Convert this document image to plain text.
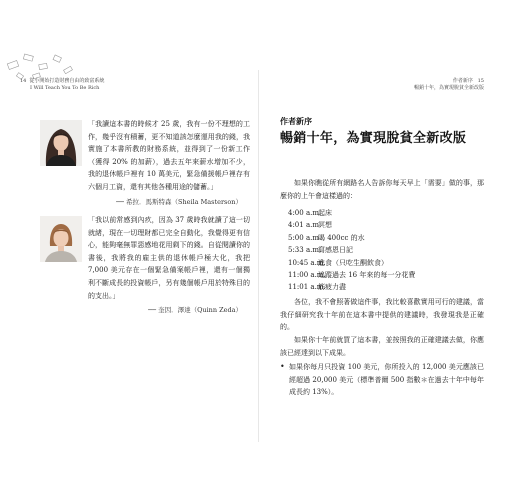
14 從小開始打造財務自由的致富系統
I Will Teach You To Be Rich
作者新序 15
暢銷十年，為實現脫貧全新改版
「我讀這本書的時候才 25 歲，我有一份不理想的工作，幾乎沒有積蓄，更不知道該怎麼運用我的錢，我實施了本書所教的財務系統，並得到了一份新工作（獲得 20% 的加薪），過去五年來薪水增加不少，我的退休帳戶裡有 10 萬美元，緊急備援帳戶裡存有六個月工資，還有其他各種用途的儲蓄。」
── 希拉．馬斯特森（Sheila Masterson）
「我以前常感到內疚，因為 37 歲時我就讀了這一切就緒，現在一切理財都已完全自動化，我覺得更有信心，能夠毫無罪惡感地花用剩下的錢。自從閱讀你的書後，我將我的雇主供的退休帳戶極大化，我把 7,000 美元存在一個緊急備案帳戶裡，還有一個獨利不斷成長的投資帳戶，另有幾個帳戶用於特殊目的的支出。」
── 奎因．澤達（Quinn Zeda）
作者新序
暢銷十年，為實現脫貧全新改版
如果你瞧從所有網路名人告訴你每天早上「需要」做的事，那麼你的上午會這樣過的：
4:00 a.m.
起床
4:01 a.m.
冥想
5:00 a.m.
喝 400cc 的水
5:33 a.m.
寫感恩日記
10:45 a.m.
進食（只吃生酮飲食）
11:00 a.m.
追蹤過去 16 年來的每一分花費
11:01 a.m.
筋疲力盡
各位，我不會照著做這件事，我比較喜歡實用可行的建議，當我仔細研究我十年前在這本書中提供的建議時，我發現我是正確的。
如果你十年前就買了這本書，並按照我的正確建議去做，你應該已經達到以下成果。
• 如果你每月只投資 100 美元，你所投入的 12,000 美元應該已經超過 20,000 美元（標準普爾 500 指數＊在過去十年中每年成長約 13%）。
